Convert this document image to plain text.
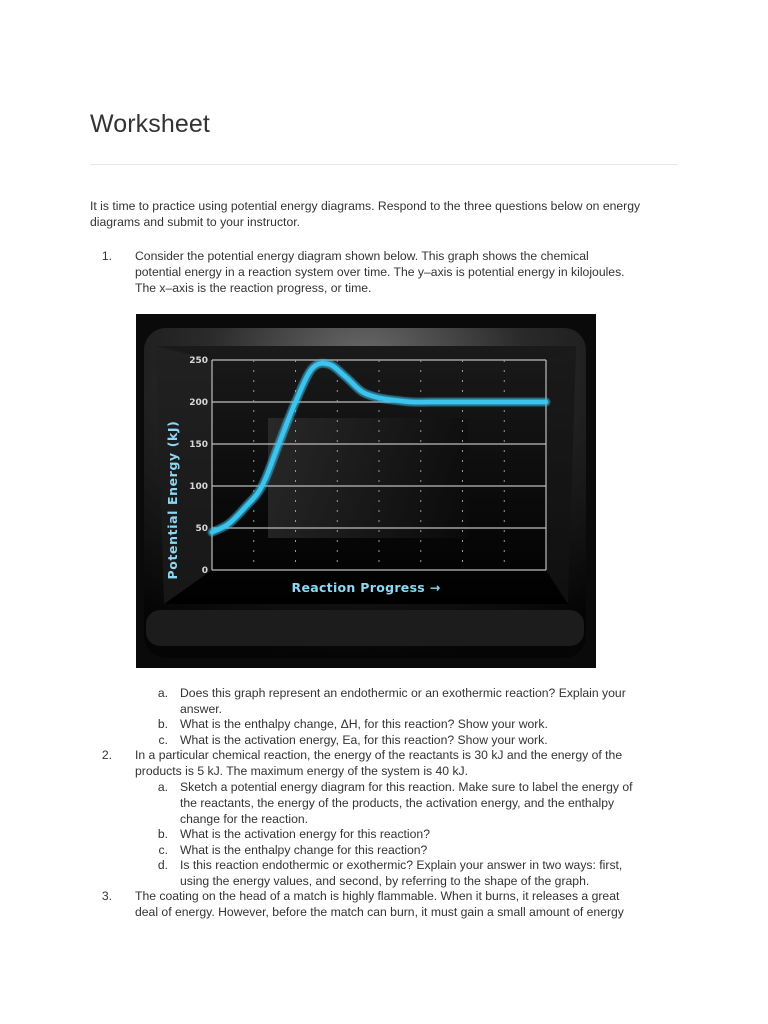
Worksheet

It is time to practice using potential energy diagrams. Respond to the three questions below on energy diagrams and submit to your instructor.

1. Consider the potential energy diagram shown below. This graph shows the chemical
potential energy in a reaction system over time. The y–axis is potential energy in kilojoules.
The x–axis is the reaction progress, or time.
a. Does this graph represent an endothermic or an exothermic reaction? Explain your
answer.
b. What is the enthalpy change, ΔH, for this reaction? Show your work.
c. What is the activation energy, Ea, for this reaction? Show your work.
2. In a particular chemical reaction, the energy of the reactants is 30 kJ and the energy of the
products is 5 kJ. The maximum energy of the system is 40 kJ.
a. Sketch a potential energy diagram for this reaction. Make sure to label the energy of
the reactants, the energy of the products, the activation energy, and the enthalpy
change for the reaction.
b. What is the activation energy for this reaction?
c. What is the enthalpy change for this reaction?
d. Is this reaction endothermic or exothermic? Explain your answer in two ways: first,
using the energy values, and second, by referring to the shape of the graph.
3. The coating on the head of a match is highly flammable. When it burns, it releases a great
deal of energy. However, before the match can burn, it must gain a small amount of energy
250
200
150
100
50
0
Potential Energy (kJ)
Reaction Progress →
